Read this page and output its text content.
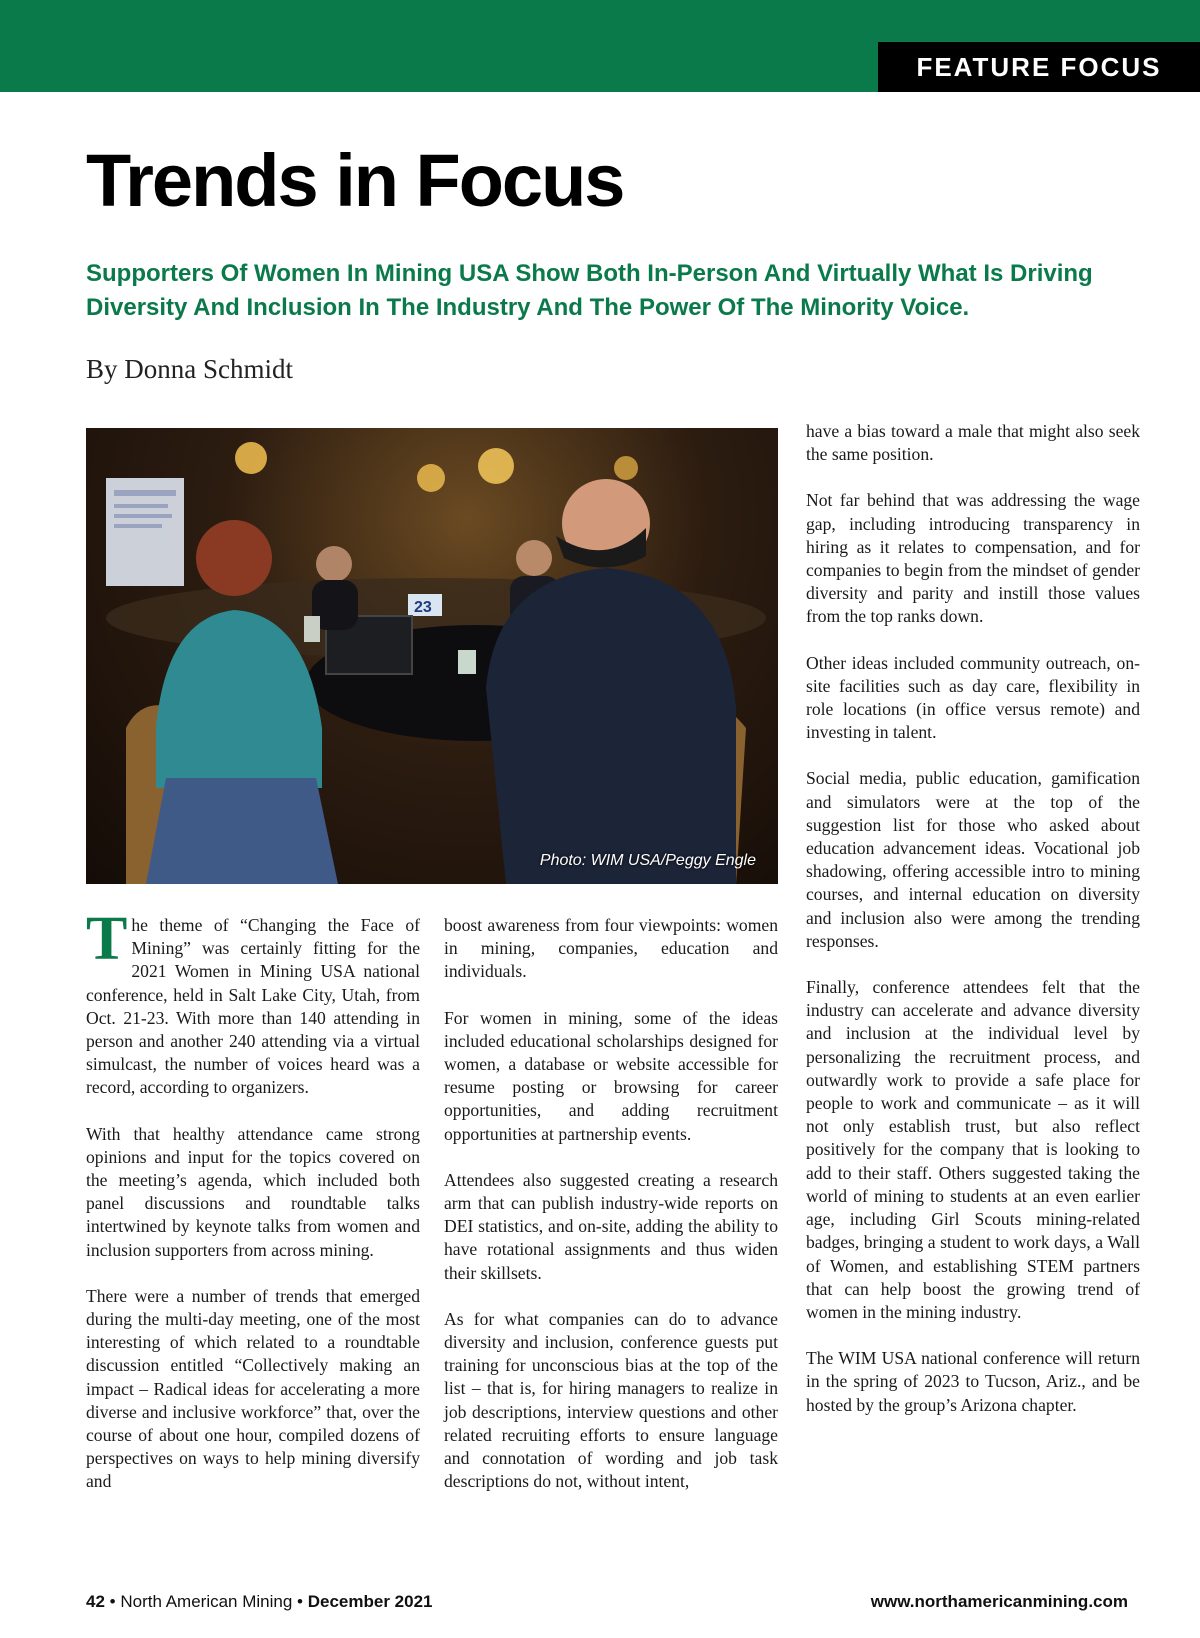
FEATURE FOCUS
Trends in Focus
Supporters Of Women In Mining USA Show Both In-Person And Virtually What Is Driving Diversity And Inclusion In The Industry And The Power Of The Minority Voice.
By Donna Schmidt
23
Photo: WIM USA/Peggy Engle

The theme of “Changing the Face of Mining” was certainly fitting for the 2021 Women in Mining USA national conference, held in Salt Lake City, Utah, from Oct. 21-23. With more than 140 attending in person and another 240 attending via a virtual simulcast, the number of voices heard was a record, according to organizers.

With that healthy attendance came strong opinions and input for the topics covered on the meeting’s agenda, which included both panel discussions and roundtable talks intertwined by keynote talks from women and inclusion supporters from across mining.

There were a number of trends that emerged during the multi-day meeting, one of the most interesting of which related to a roundtable discussion entitled “Collectively making an impact – Radical ideas for accelerating a more diverse and inclusive workforce” that, over the course of about one hour, compiled dozens of perspectives on ways to help mining diversify and

boost awareness from four viewpoints: women in mining, companies, education and individuals.

For women in mining, some of the ideas included educational scholarships designed for women, a database or website accessible for resume posting or browsing for career opportunities, and adding recruitment opportunities at partnership events.

Attendees also suggested creating a research arm that can publish industry-wide reports on DEI statistics, and on-site, adding the ability to have rotational assignments and thus widen their skillsets.

As for what companies can do to advance diversity and inclusion, conference guests put training for unconscious bias at the top of the list – that is, for hiring managers to realize in job descriptions, interview questions and other related recruiting efforts to ensure language and connotation of wording and job task descriptions do not, without intent,

have a bias toward a male that might also seek the same position.

Not far behind that was addressing the wage gap, including introducing transparency in hiring as it relates to compensation, and for companies to begin from the mindset of gender diversity and parity and instill those values from the top ranks down.

Other ideas included community outreach, on-site facilities such as day care, flexibility in role locations (in office versus remote) and investing in talent.

Social media, public education, gamification and simulators were at the top of the suggestion list for those who asked about education advancement ideas. Vocational job shadowing, offering accessible intro to mining courses, and internal education on diversity and inclusion also were among the trending responses.

Finally, conference attendees felt that the industry can accelerate and advance diversity and inclusion at the individual level by personalizing the recruitment process, and outwardly work to provide a safe place for people to work and communicate – as it will not only establish trust, but also reflect positively for the company that is looking to add to their staff. Others suggested taking the world of mining to students at an even earlier age, including Girl Scouts mining-related badges, bringing a student to work days, a Wall of Women, and establishing STEM partners that can help boost the growing trend of women in the mining industry.

The WIM USA national conference will return in the spring of 2023 to Tucson, Ariz., and be hosted by the group’s Arizona chapter.

42 • North American Mining • December 2021	www.northamericanmining.com
